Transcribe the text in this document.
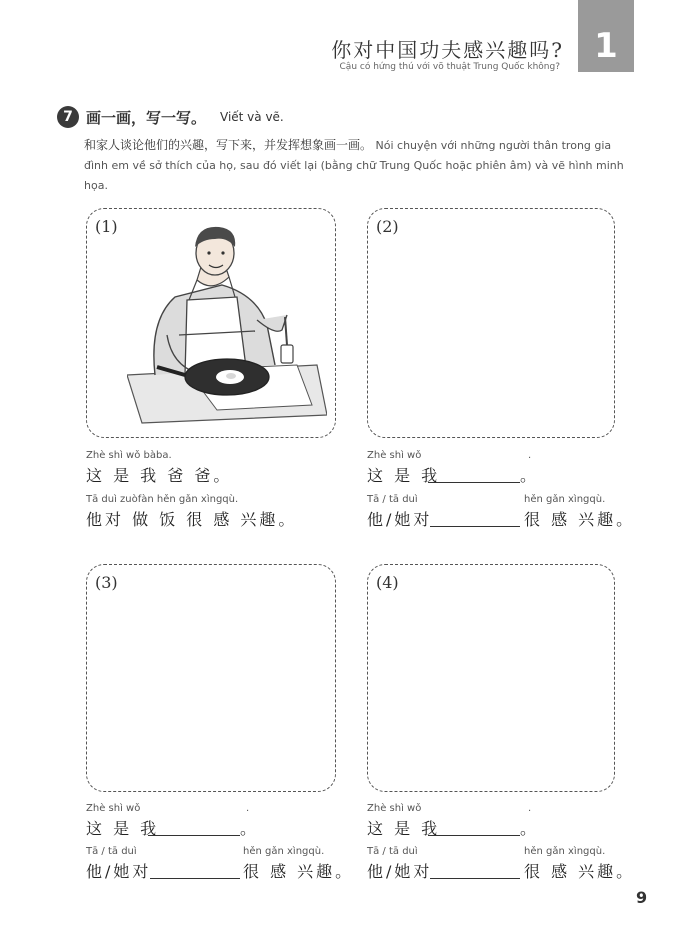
你对中国功夫感兴趣吗?
Cậu có hứng thú với võ thuật Trung Quốc không?
1
7 画一画，写一写。 Viết và vẽ.
和家人谈论他们的兴趣，写下来，并发挥想象画一画。 Nói chuyện với những người thân trong gia đình em về sở thích của họ, sau đó viết lại (bằng chữ Trung Quốc hoặc phiên âm) và vẽ hình minh họa.
(1)
Zhè shì wǒ bàba.
这 是 我 爸 爸。
Tā duì zuòfàn hěn gǎn xìngqù.
他对 做 饭 很 感 兴趣。
(2)
Zhè shì wǒ	.
这 是 我	。
Tā / tā duì	hěn gǎn xìngqù.
他/她对	很 感 兴趣。
(3)
Zhè shì wǒ	.
这 是 我	。
Tā / tā duì	hěn gǎn xìngqù.
他/她对	很 感 兴趣。
(4)
Zhè shì wǒ	.
这 是 我	。
Tā / tā duì	hěn gǎn xìngqù.
他/她对	很 感 兴趣。
9
